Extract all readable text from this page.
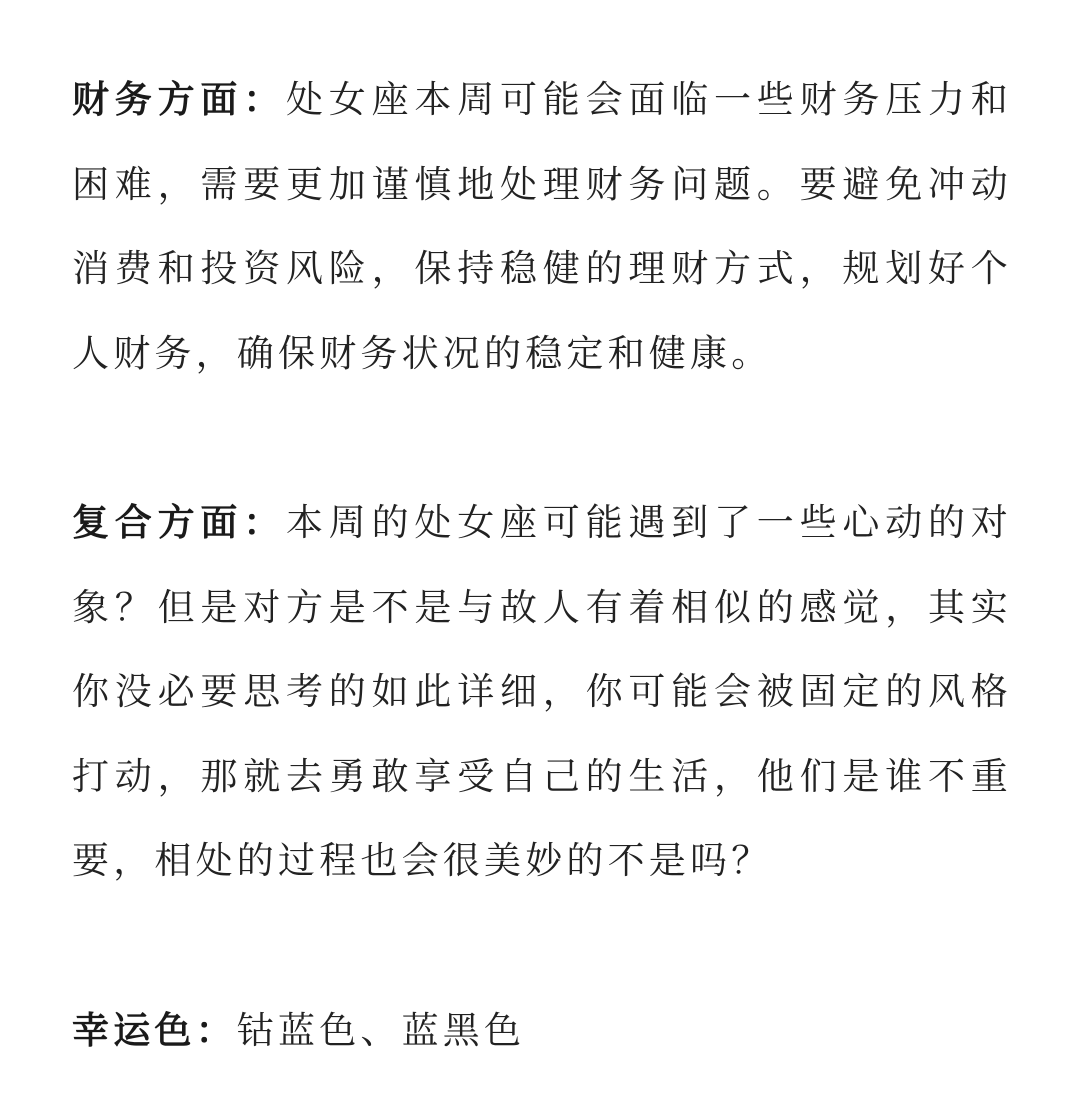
财务方面：处女座本周可能会面临一些财务压力和困难，需要更加谨慎地处理财务问题。要避免冲动消费和投资风险，保持稳健的理财方式，规划好个人财务，确保财务状况的稳定和健康。

复合方面：本周的处女座可能遇到了一些心动的对象？但是对方是不是与故人有着相似的感觉，其实你没必要思考的如此详细，你可能会被固定的风格打动，那就去勇敢享受自己的生活，他们是谁不重要，相处的过程也会很美妙的不是吗？

幸运色：钴蓝色、蓝黑色
